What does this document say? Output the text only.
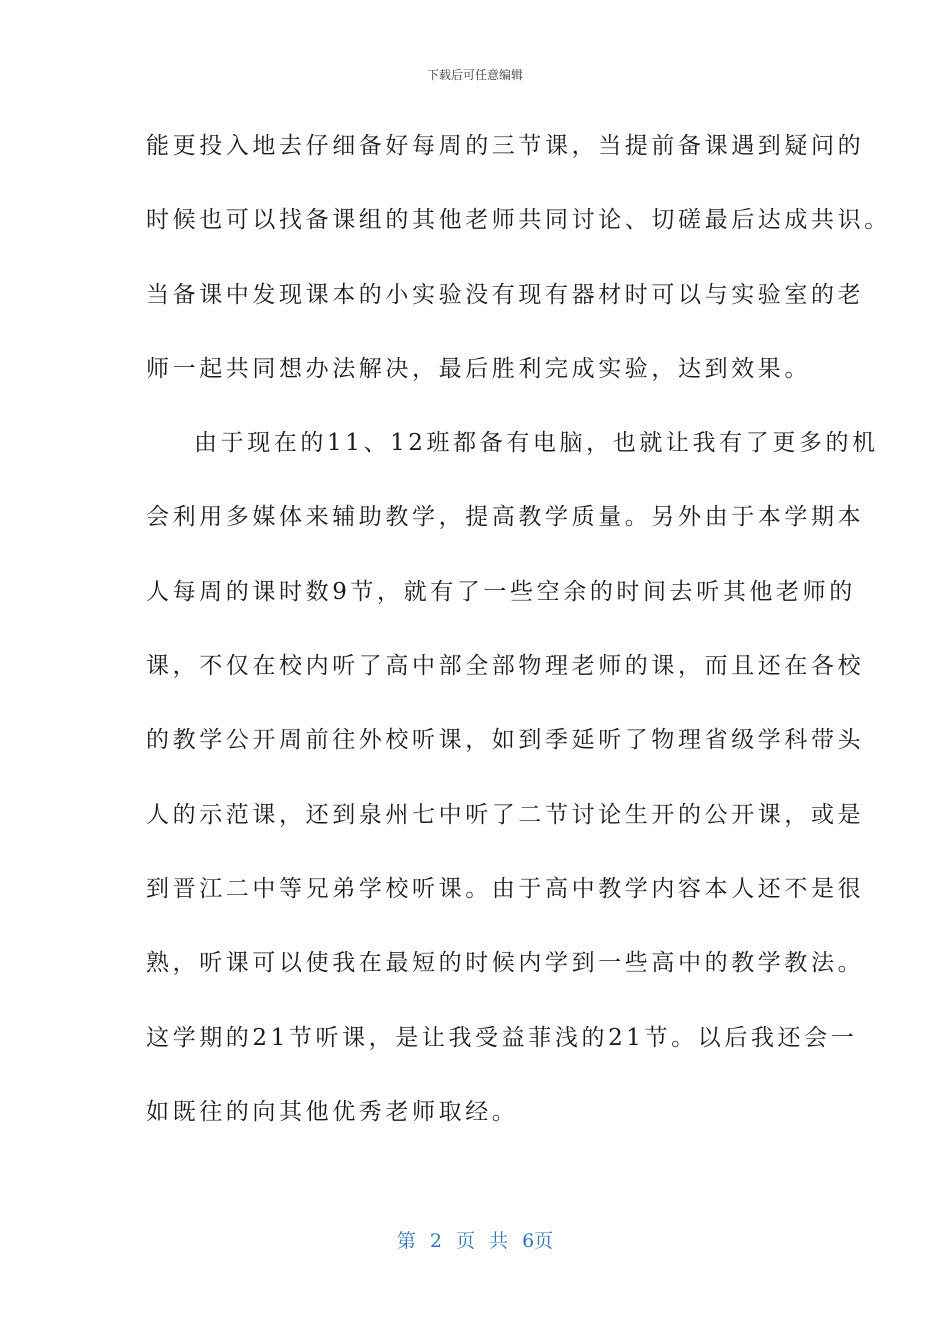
下载后可任意编辑
能更投入地去仔细备好每周的三节课，当提前备课遇到疑问的
时候也可以找备课组的其他老师共同讨论、切磋最后达成共识。
当备课中发现课本的小实验没有现有器材时可以与实验室的老
师一起共同想办法解决，最后胜利完成实验，达到效果。
由于现在的11、12班都备有电脑，也就让我有了更多的机
会利用多媒体来辅助教学，提高教学质量。另外由于本学期本
人每周的课时数9节，就有了一些空余的时间去听其他老师的
课，不仅在校内听了高中部全部物理老师的课，而且还在各校
的教学公开周前往外校听课，如到季延听了物理省级学科带头
人的示范课，还到泉州七中听了二节讨论生开的公开课，或是
到晋江二中等兄弟学校听课。由于高中教学内容本人还不是很
熟，听课可以使我在最短的时候内学到一些高中的教学教法。
这学期的21节听课，是让我受益菲浅的21节。以后我还会一
如既往的向其他优秀老师取经。
第 2 页 共 6页
